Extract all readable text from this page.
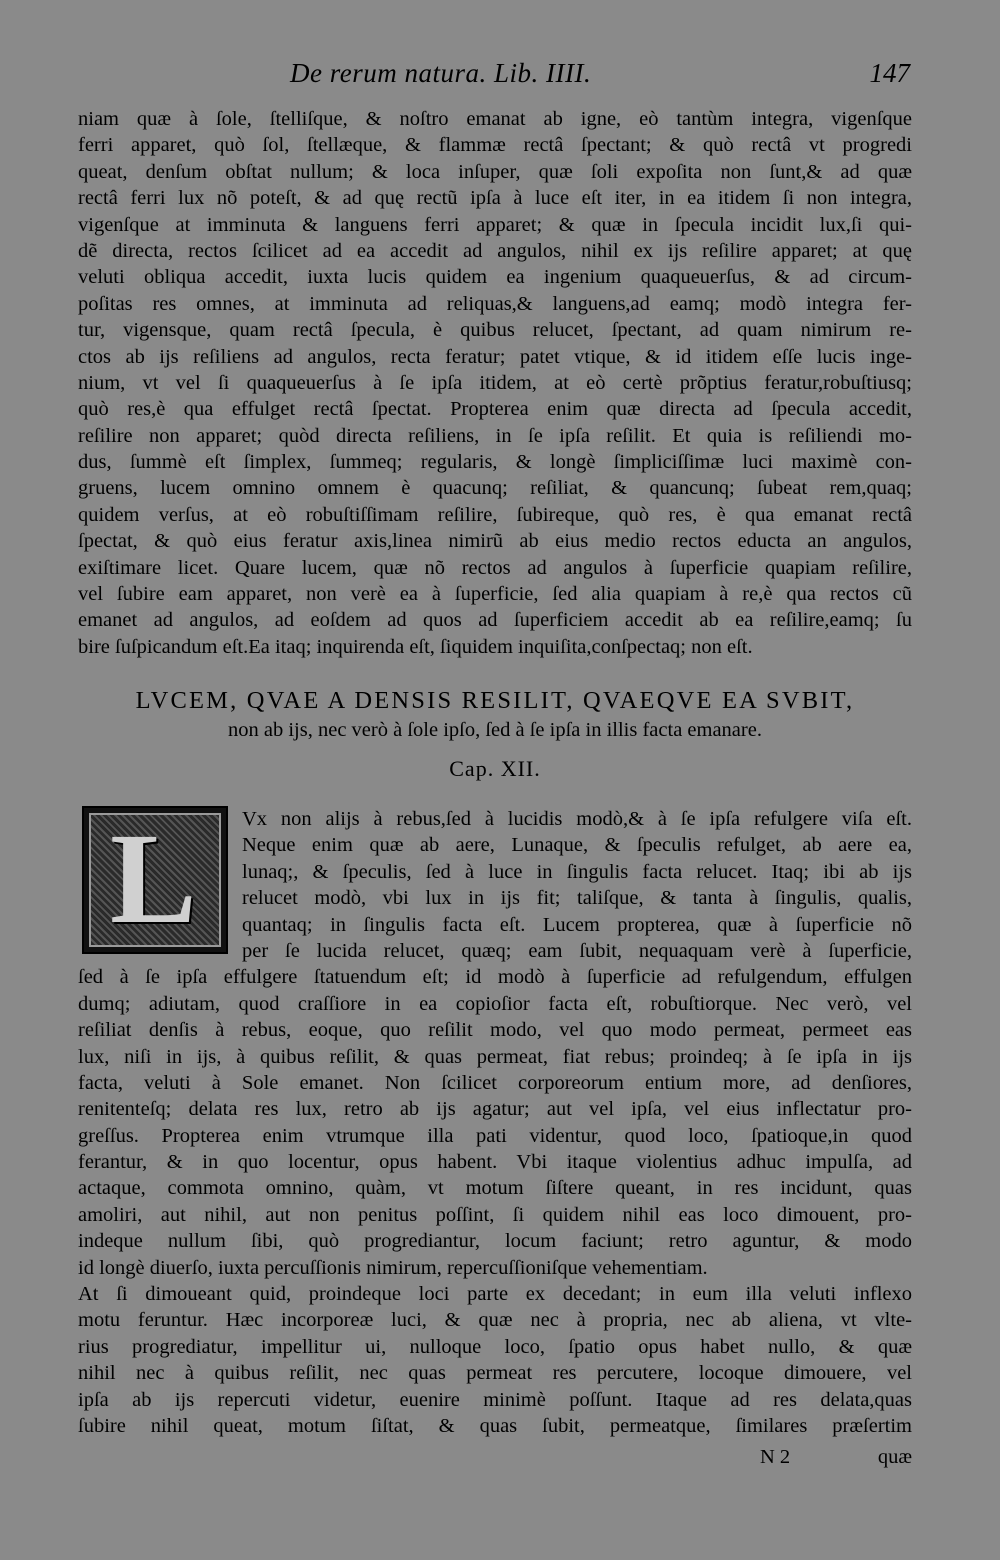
De rerum natura. Lib. IIII.	147
niam quæ à ſole, ſtelliſque, & noſtro emanat ab igne, eò tantùm integra, vigenſque
ferri apparet, quò ſol, ſtellæque, & flammæ rectâ ſpectant; & quò rectâ vt progredi
queat, denſum obſtat nullum; & loca inſuper, quæ ſoli expoſita non ſunt,& ad quæ
rectâ ferri lux nõ poteſt, & ad quę rectũ ipſa à luce eſt iter, in ea itidem ſi non integra,
vigenſque at imminuta & languens ferri apparet; & quæ in ſpecula incidit lux,ſi qui-
dẽ directa, rectos ſcilicet ad ea accedit ad angulos, nihil ex ijs reſilire apparet; at quę
veluti obliqua accedit, iuxta lucis quidem ea ingenium quaqueuerſus, & ad circum-
poſitas res omnes, at imminuta ad reliquas,& languens,ad eamq; modò integra fer-
tur, vigensque, quam rectâ ſpecula, è quibus relucet, ſpectant, ad quam nimirum re-
ctos ab ijs reſiliens ad angulos, recta feratur; patet vtique, & id itidem eſſe lucis inge-
nium, vt vel ſi quaqueuerſus à ſe ipſa itidem, at eò certè prõptius feratur,robuſtiusq;
quò res,è qua effulget rectâ ſpectat. Propterea enim quæ directa ad ſpecula accedit,
reſilire non apparet; quòd directa reſiliens, in ſe ipſa reſilit. Et quia is reſiliendi mo-
dus, ſummè eſt ſimplex, ſummeq; regularis, & longè ſimpliciſſimæ luci maximè con-
gruens, lucem omnino omnem è quacunq; reſiliat, & quancunq; ſubeat rem,quaq;
quidem verſus, at eò robuſtiſſimam reſilire, ſubireque, quò res, è qua emanat rectâ
ſpectat, & quò eius feratur axis,linea nimirũ ab eius medio rectos educta an angulos,
exiſtimare licet. Quare lucem, quæ nõ rectos ad angulos à ſuperficie quapiam reſilire,
vel ſubire eam apparet, non verè ea à ſuperficie, ſed alia quapiam à re,è qua rectos cũ
emanet ad angulos, ad eoſdem ad quos ad ſuperficiem accedit ab ea reſilire,eamq; ſu
bire ſuſpicandum eſt.Ea itaq; inquirenda eſt, ſiquidem inquiſita,conſpectaq; non eſt.
LVCEM, QVAE A DENSIS RESILIT, QVAEQVE EA SVBIT,
non ab ijs, nec verò à ſole ipſo, ſed à ſe ipſa in illis facta emanare.
Cap. XII.
L	Vx non alijs à rebus,ſed à lucidis modò,& à ſe ipſa refulgere viſa eſt.
Neque enim quæ ab aere, Lunaque, & ſpeculis refulget, ab aere ea,
lunaq;, & ſpeculis, ſed à luce in ſingulis facta relucet. Itaq; ibi ab ijs
relucet modò, vbi lux in ijs fit; taliſque, & tanta à ſingulis, qualis,
quantaq; in ſingulis facta eſt. Lucem propterea, quæ à ſuperficie nõ
per ſe lucida relucet, quæq; eam ſubit, nequaquam verè à ſuperficie,
ſed à ſe ipſa effulgere ſtatuendum eſt; id modò à ſuperficie ad refulgendum, effulgen
dumq; adiutam, quod craſſiore in ea copioſior facta eſt, robuſtiorque. Nec verò, vel
reſiliat denſis à rebus, eoque, quo reſilit modo, vel quo modo permeat, permeet eas
lux, niſi in ijs, à quibus reſilit, & quas permeat, fiat rebus; proindeq; à ſe ipſa in ijs
facta, veluti à Sole emanet. Non ſcilicet corporeorum entium more, ad denſiores,
renitenteſq; delata res lux, retro ab ijs agatur; aut vel ipſa, vel eius inflectatur pro-
greſſus. Propterea enim vtrumque illa pati videntur, quod loco, ſpatioque,in quod
ferantur, & in quo locentur, opus habent. Vbi itaque violentius adhuc impulſa, ad
actaque, commota omnino, quàm, vt motum ſiſtere queant, in res incidunt, quas
amoliri, aut nihil, aut non penitus poſſint, ſi quidem nihil eas loco dimouent, pro-
indeque nullum ſibi, quò progrediantur, locum faciunt; retro aguntur, & modo
id longè diuerſo, iuxta percuſſionis nimirum, repercuſſioniſque vehementiam.
At ſi dimoueant quid, proindeque loci parte ex decedant; in eum illa veluti inflexo
motu feruntur. Hæc incorporeæ luci, & quæ nec à propria, nec ab aliena, vt vlte-
rius progrediatur, impellitur ui, nulloque loco, ſpatio opus habet nullo, & quæ
nihil nec à quibus reſilit, nec quas permeat res percutere, locoque dimouere, vel
ipſa ab ijs repercuti videtur, euenire minimè poſſunt. Itaque ad res delata,quas
ſubire nihil queat, motum ſiſtat, & quas ſubit, permeatque, ſimilares præſertim
N 2	quæ
